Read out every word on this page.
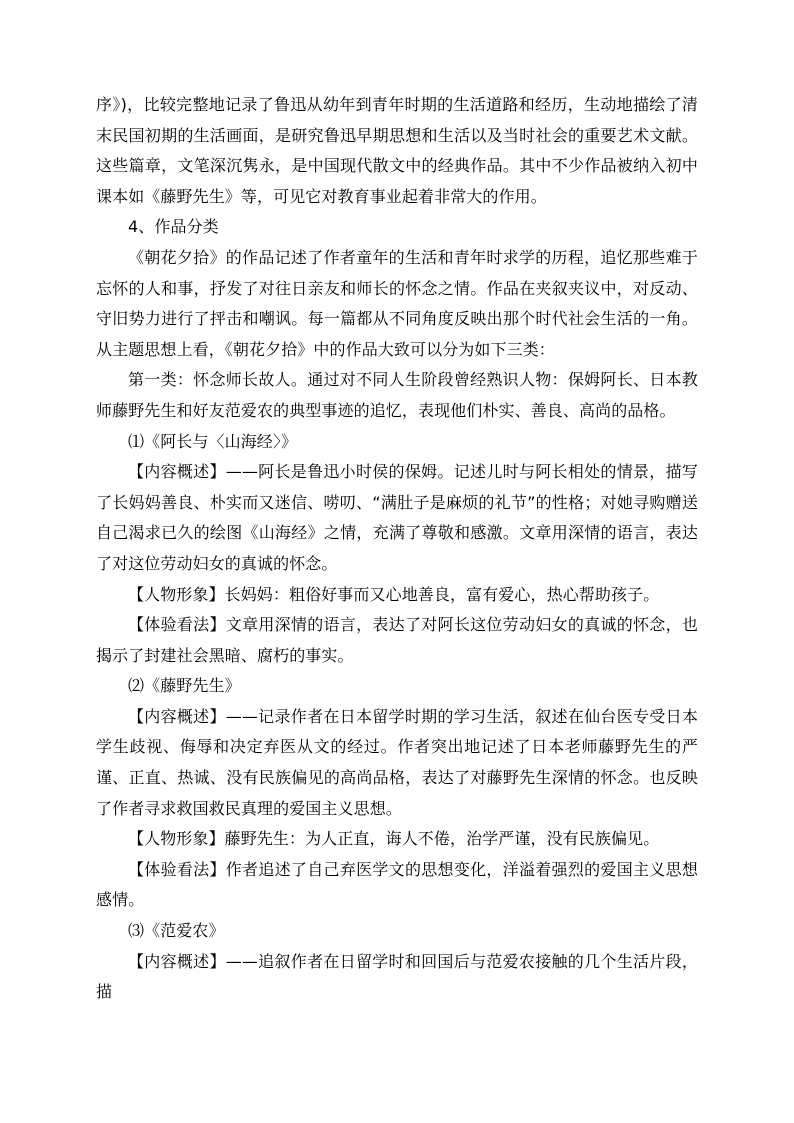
序》)，比较完整地记录了鲁迅从幼年到青年时期的生活道路和经历，生动地描绘了清末民国初期的生活画面，是研究鲁迅早期思想和生活以及当时社会的重要艺术文献。这些篇章，文笔深沉隽永，是中国现代散文中的经典作品。其中不少作品被纳入初中课本如《藤野先生》等，可见它对教育事业起着非常大的作用。

4、作品分类

《朝花夕拾》的作品记述了作者童年的生活和青年时求学的历程，追忆那些难于忘怀的人和事，抒发了对往日亲友和师长的怀念之情。作品在夹叙夹议中，对反动、守旧势力进行了抨击和嘲讽。每一篇都从不同角度反映出那个时代社会生活的一角。从主题思想上看，《朝花夕拾》中的作品大致可以分为如下三类：

第一类：怀念师长故人。通过对不同人生阶段曾经熟识人物：保姆阿长、日本教师藤野先生和好友范爱农的典型事迹的追忆，表现他们朴实、善良、高尚的品格。

⑴《阿长与〈山海经〉》

【内容概述】——阿长是鲁迅小时侯的保姆。记述儿时与阿长相处的情景，描写了长妈妈善良、朴实而又迷信、唠叨、“满肚子是麻烦的礼节”的性格；对她寻购赠送自己渴求已久的绘图《山海经》之情，充满了尊敬和感激。文章用深情的语言，表达了对这位劳动妇女的真诚的怀念。

【人物形象】长妈妈：粗俗好事而又心地善良，富有爱心，热心帮助孩子。

【体验看法】文章用深情的语言，表达了对阿长这位劳动妇女的真诚的怀念，也揭示了封建社会黑暗、腐朽的事实。

⑵《藤野先生》

【内容概述】——记录作者在日本留学时期的学习生活，叙述在仙台医专受日本学生歧视、侮辱和决定弃医从文的经过。作者突出地记述了日本老师藤野先生的严谨、正直、热诚、没有民族偏见的高尚品格，表达了对藤野先生深情的怀念。也反映了作者寻求救国救民真理的爱国主义思想。

【人物形象】藤野先生：为人正直，诲人不倦，治学严谨，没有民族偏见。

【体验看法】作者追述了自己弃医学文的思想变化，洋溢着强烈的爱国主义思想感情。

⑶《范爱农》

【内容概述】——追叙作者在日留学时和回国后与范爱农接触的几个生活片段，描
